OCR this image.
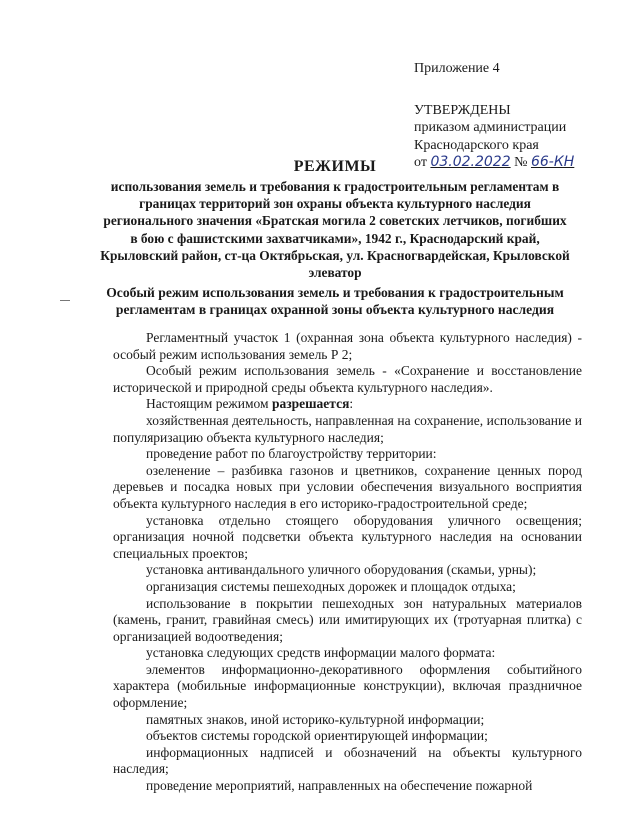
Приложение 4
УТВЕРЖДЕНЫ
приказом администрации
Краснодарского края
от 03.02.2022 № 66-КН
РЕЖИМЫ
использования земель и требования к градостроительным регламентам в границах территорий зон охраны объекта культурного наследия регионального значения «Братская могила 2 советских летчиков, погибших в бою с фашистскими захватчиками», 1942 г., Краснодарский край, Крыловский район, ст-ца Октябрьская, ул. Красногвардейская, Крыловской элеватор
Особый режим использования земель и требования к градостроительным регламентам в границах охранной зоны объекта культурного наследия

Регламентный участок 1 (охранная зона объекта культурного наследия) - особый режим использования земель Р 2;

Особый режим использования земель - «Сохранение и восстановление исторической и природной среды объекта культурного наследия».

Настоящим режимом разрешается:

хозяйственная деятельность, направленная на сохранение, использование и популяризацию объекта культурного наследия;

проведение работ по благоустройству территории:

озеленение – разбивка газонов и цветников, сохранение ценных пород деревьев и посадка новых при условии обеспечения визуального восприятия объекта культурного наследия в его историко-градостроительной среде;

установка отдельно стоящего оборудования уличного освещения; организация ночной подсветки объекта культурного наследия на основании специальных проектов;

установка антивандального уличного оборудования (скамьи, урны);

организация системы пешеходных дорожек и площадок отдыха;

использование в покрытии пешеходных зон натуральных материалов (камень, гранит, гравийная смесь) или имитирующих их (тротуарная плитка) с организацией водоотведения;

установка следующих средств информации малого формата:

элементов информационно-декоративного оформления событийного характера (мобильные информационные конструкции), включая праздничное оформление;

памятных знаков, иной историко-культурной информации;

объектов системы городской ориентирующей информации;

информационных надписей и обозначений на объекты культурного наследия;

проведение мероприятий, направленных на обеспечение пожарной
